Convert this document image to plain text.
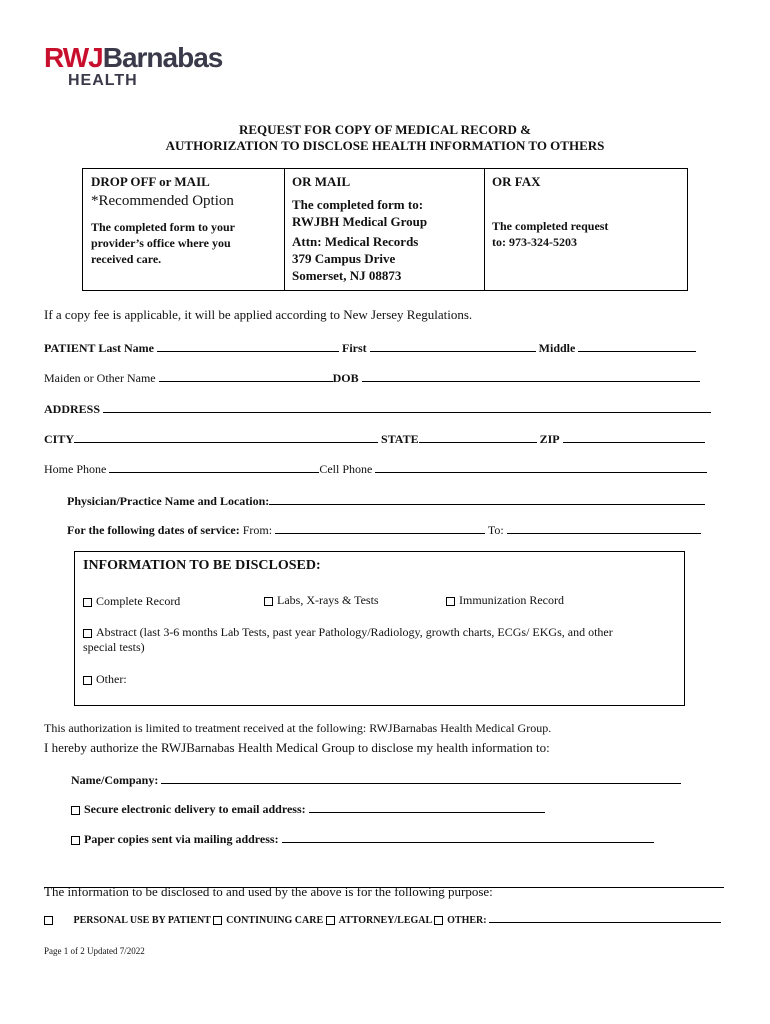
RWJBarnabas
HEALTH
REQUEST FOR COPY OF MEDICAL RECORD &
AUTHORIZATION TO DISCLOSE HEALTH INFORMATION TO OTHERS
DROP OFF or MAIL
*Recommended Option
The completed form to your
provider’s office where you
received care.
OR MAIL
The completed form to:
RWJBH Medical Group
Attn: Medical Records
379 Campus Drive
Somerset, NJ 08873
OR FAX
The completed request
to: 973-324-5203
If a copy fee is applicable, it will be applied according to New Jersey Regulations.
PATIENT Last Name	First	Middle
Maiden or Other Name	DOB
ADDRESS
CITY	STATE	ZIP
Home Phone	Cell Phone
Physician/Practice Name and Location:
For the following dates of service: From:	To:
INFORMATION TO BE DISCLOSED:
Complete Record	Labs, X-rays & Tests	Immunization Record
Abstract (last 3-6 months Lab Tests, past year Pathology/Radiology, growth charts, ECGs/ EKGs, and other
special tests)
Other:
This authorization is limited to treatment received at the following: RWJBarnabas Health Medical Group.
I hereby authorize the RWJBarnabas Health Medical Group to disclose my health information to:
Name/Company:
Secure electronic delivery to email address:
Paper copies sent via mailing address:
The information to be disclosed to and used by the above is for the following purpose:
PERSONAL USE BY PATIENT CONTINUING CARE ATTORNEY/LEGAL OTHER:
Page 1 of 2 Updated 7/2022
